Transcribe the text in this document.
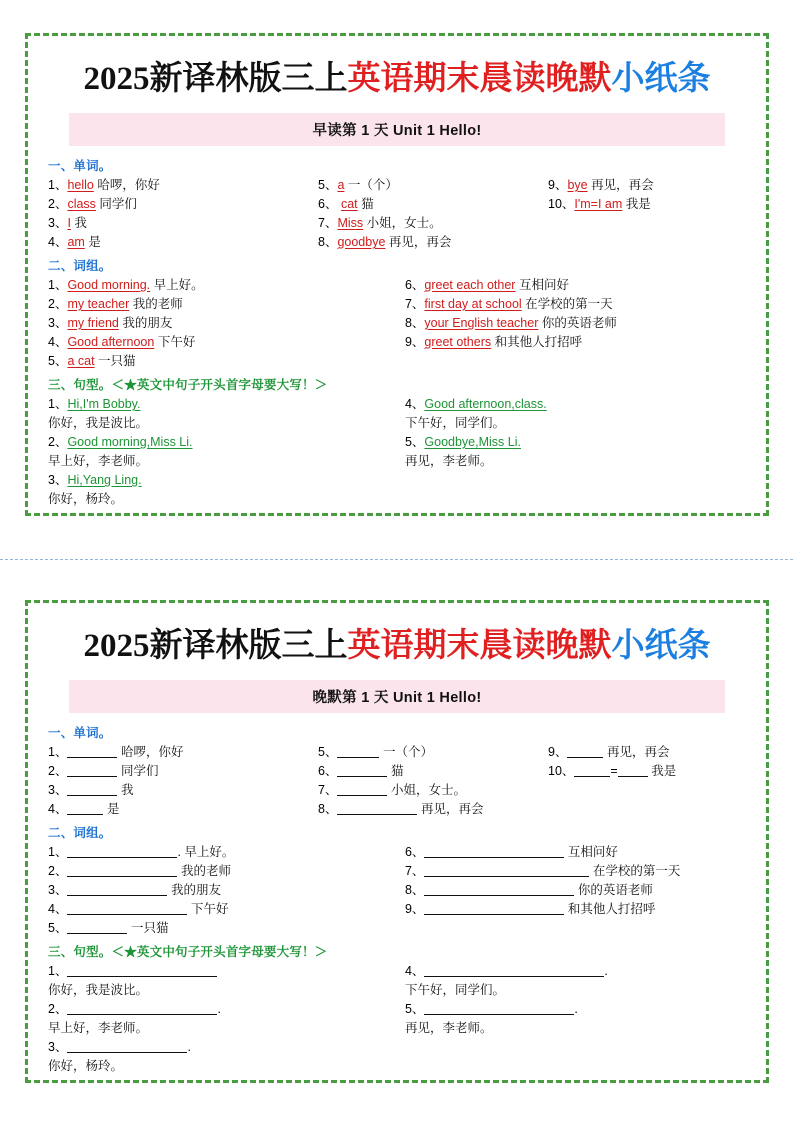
2025新译林版三上英语期末晨读晚默小纸条
早读第 1 天 Unit 1 Hello!
一、单词。
1、hello 哈啰，你好
2、class 同学们
3、I 我
4、am 是
5、a 一（个）
6、 cat 猫
7、Miss 小姐，女士。
8、goodbye 再见，再会
9、bye 再见，再会
10、I'm=I am 我是
二、词组。
1、Good morning. 早上好。
2、my teacher 我的老师
3、my friend 我的朋友
4、Good afternoon 下午好
5、a cat 一只猫
6、greet each other 互相问好
7、first day at school 在学校的第一天
8、your English teacher 你的英语老师
9、greet others 和其他人打招呼
三、句型。＜★英文中句子开头首字母要大写！＞
1、Hi,I'm Bobby.
你好，我是波比。
2、Good morning,Miss Li.
早上好，李老师。
3、Hi,Yang Ling.
你好，杨玲。
4、Good afternoon,class.
下午好，同学们。
5、Goodbye,Miss Li.
再见，李老师。
2025新译林版三上英语期末晨读晚默小纸条
晚默第 1 天 Unit 1 Hello!
一、单词。
1、	哈啰，你好
2、	同学们
3、	我
4、	是
5、	一（个）
6、	猫
7、	小姐，女士。
8、	再见，再会
9、	再见，再会
10、	=	我是
二、词组。
1、	. 早上好。
2、	我的老师
3、	我的朋友
4、	下午好
5、	一只猫
6、	互相问好
7、	在学校的第一天
8、	你的英语老师
9、	和其他人打招呼
三、句型。＜★英文中句子开头首字母要大写！＞
1、
你好，我是波比。
2、	.
早上好，李老师。
3、	.
你好，杨玲。
4、	.
下午好，同学们。
5、	.
再见，李老师。
